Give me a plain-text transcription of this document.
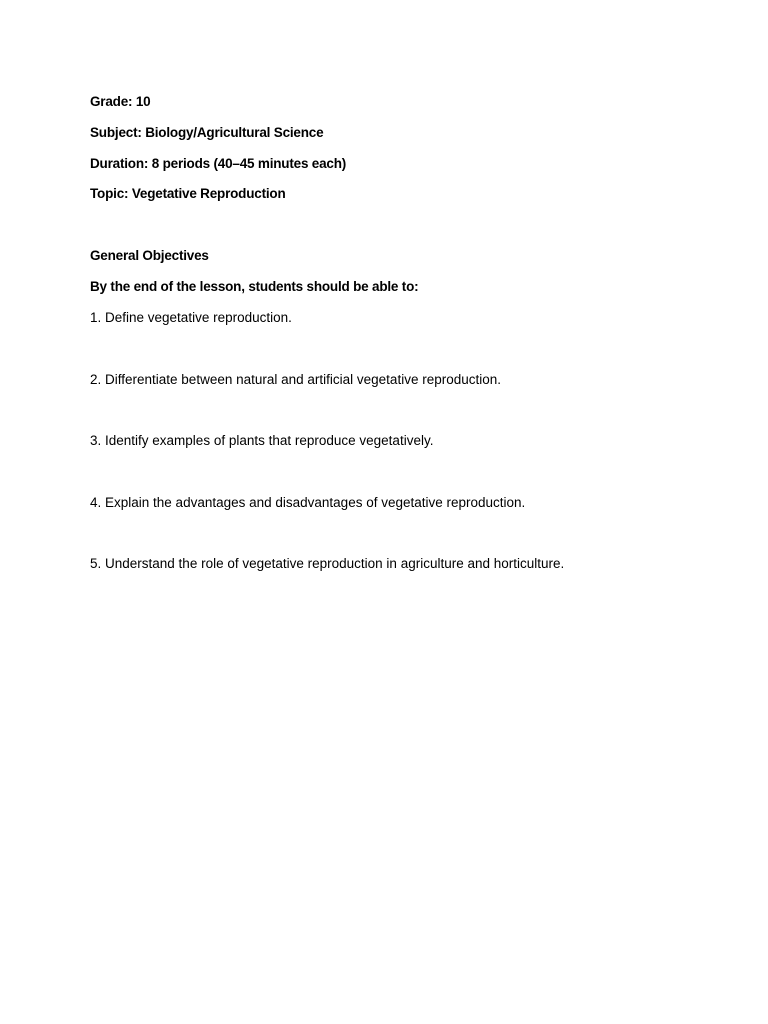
Grade: 10
Subject: Biology/Agricultural Science
Duration: 8 periods (40–45 minutes each)
Topic: Vegetative Reproduction
General Objectives
By the end of the lesson, students should be able to:
1. Define vegetative reproduction.
2. Differentiate between natural and artificial vegetative reproduction.
3. Identify examples of plants that reproduce vegetatively.
4. Explain the advantages and disadvantages of vegetative reproduction.
5. Understand the role of vegetative reproduction in agriculture and horticulture.
